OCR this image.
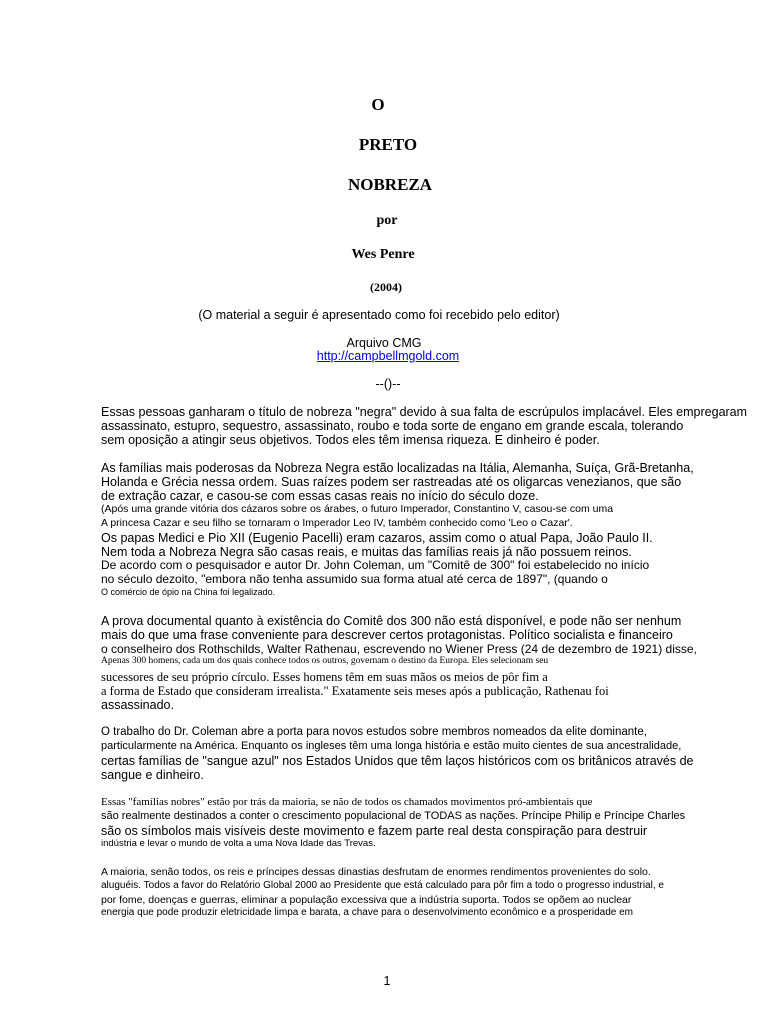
O
PRETO
NOBREZA
por
Wes Penre
(2004)
(O material a seguir é apresentado como foi recebido pelo editor)
Arquivo CMG
http://campbellmgold.com
--()--
Essas pessoas ganharam o título de nobreza "negra" devido à sua falta de escrúpulos implacável. Eles empregaram
assassinato, estupro, sequestro, assassinato, roubo e toda sorte de engano em grande escala, tolerando
sem oposição a atingir seus objetivos. Todos eles têm imensa riqueza. E dinheiro é poder.
As famílias mais poderosas da Nobreza Negra estão localizadas na Itália, Alemanha, Suíça, Grã-Bretanha,
Holanda e Grécia nessa ordem. Suas raízes podem ser rastreadas até os oligarcas venezianos, que são
de extração cazar, e casou-se com essas casas reais no início do século doze.
(Após uma grande vitória dos cázaros sobre os árabes, o futuro Imperador, Constantino V, casou-se com uma
A princesa Cazar e seu filho se tornaram o Imperador Leo IV, também conhecido como 'Leo o Cazar'.
Os papas Medici e Pio XII (Eugenio Pacelli) eram cazaros, assim como o atual Papa, João Paulo II.
Nem toda a Nobreza Negra são casas reais, e muitas das famílias reais já não possuem reinos.
De acordo com o pesquisador e autor Dr. John Coleman, um "Comitê de 300" foi estabelecido no início
no século dezoito, "embora não tenha assumido sua forma atual até cerca de 1897", (quando o
O comércio de ópio na China foi legalizado.
A prova documental quanto à existência do Comitê dos 300 não está disponível, e pode não ser nenhum
mais do que uma frase conveniente para descrever certos protagonistas. Político socialista e financeiro
o conselheiro dos Rothschilds, Walter Rathenau, escrevendo no Wiener Press (24 de dezembro de 1921) disse,
Apenas 300 homens, cada um dos quais conhece todos os outros, governam o destino da Europa. Eles selecionam seu
sucessores de seu próprio círculo. Esses homens têm em suas mãos os meios de pôr fim a
a forma de Estado que consideram irrealista." Exatamente seis meses após a publicação, Rathenau foi
assassinado.
O trabalho do Dr. Coleman abre a porta para novos estudos sobre membros nomeados da elite dominante,
particularmente na América. Enquanto os ingleses têm uma longa história e estão muito cientes de sua ancestralidade,
certas famílias de "sangue azul" nos Estados Unidos que têm laços históricos com os britânicos através de
sangue e dinheiro.
Essas "famílias nobres" estão por trás da maioria, se não de todos os chamados movimentos pró-ambientais que
são realmente destinados a conter o crescimento populacional de TODAS as nações. Príncipe Philip e Príncipe Charles
são os símbolos mais visíveis deste movimento e fazem parte real desta conspiração para destruir
indústria e levar o mundo de volta a uma Nova Idade das Trevas.
A maioria, senão todos, os reis e príncipes dessas dinastias desfrutam de enormes rendimentos provenientes do solo.
aluguéis. Todos a favor do Relatório Global 2000 ao Presidente que está calculado para pôr fim a todo o progresso industrial, e
por fome, doenças e guerras, eliminar a população excessiva que a indústria suporta. Todos se opõem ao nuclear
energia que pode produzir eletricidade limpa e barata, a chave para o desenvolvimento econômico e a prosperidade em
1
